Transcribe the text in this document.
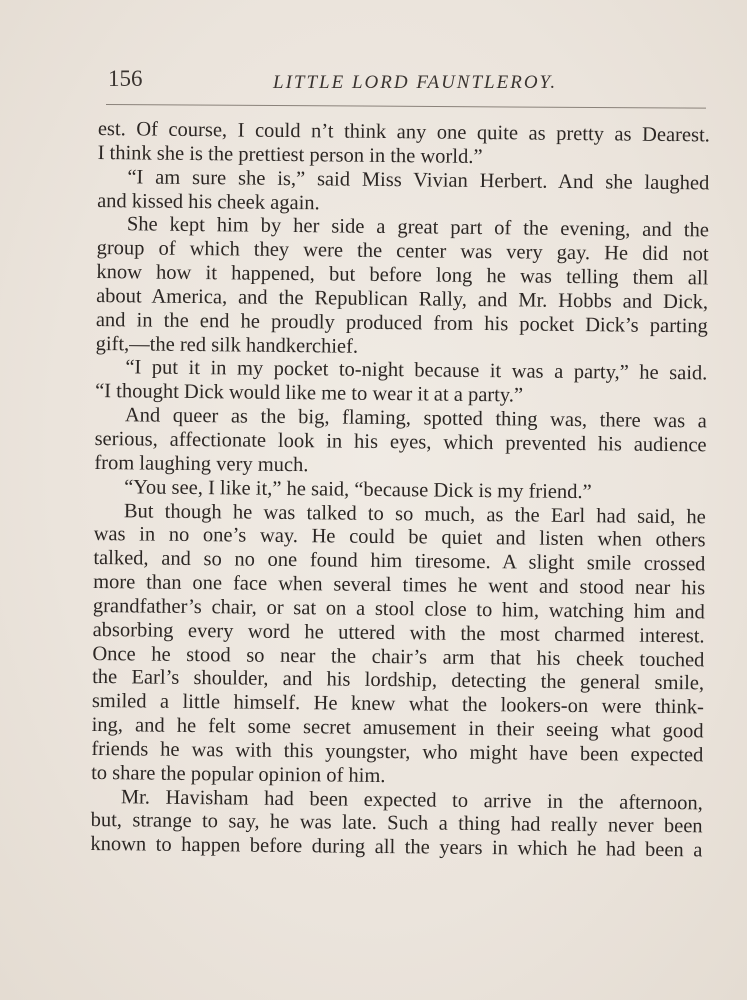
156	LITTLE LORD FAUNTLEROY.
est. Of course, I could n’t think any one quite as pretty as Dearest.
I think she is the prettiest person in the world.”
“I am sure she is,” said Miss Vivian Herbert. And she laughed
and kissed his cheek again.
She kept him by her side a great part of the evening, and the
group of which they were the center was very gay. He did not
know how it happened, but before long he was telling them all
about America, and the Republican Rally, and Mr. Hobbs and Dick,
and in the end he proudly produced from his pocket Dick’s parting
gift,—the red silk handkerchief.
“I put it in my pocket to-night because it was a party,” he said.
“I thought Dick would like me to wear it at a party.”
And queer as the big, flaming, spotted thing was, there was a
serious, affectionate look in his eyes, which prevented his audience
from laughing very much.
“You see, I like it,” he said, “because Dick is my friend.”
But though he was talked to so much, as the Earl had said, he
was in no one’s way. He could be quiet and listen when others
talked, and so no one found him tiresome. A slight smile crossed
more than one face when several times he went and stood near his
grandfather’s chair, or sat on a stool close to him, watching him and
absorbing every word he uttered with the most charmed interest.
Once he stood so near the chair’s arm that his cheek touched
the Earl’s shoulder, and his lordship, detecting the general smile,
smiled a little himself. He knew what the lookers-on were think-
ing, and he felt some secret amusement in their seeing what good
friends he was with this youngster, who might have been expected
to share the popular opinion of him.
Mr. Havisham had been expected to arrive in the afternoon,
but, strange to say, he was late. Such a thing had really never been
known to happen before during all the years in which he had been a
